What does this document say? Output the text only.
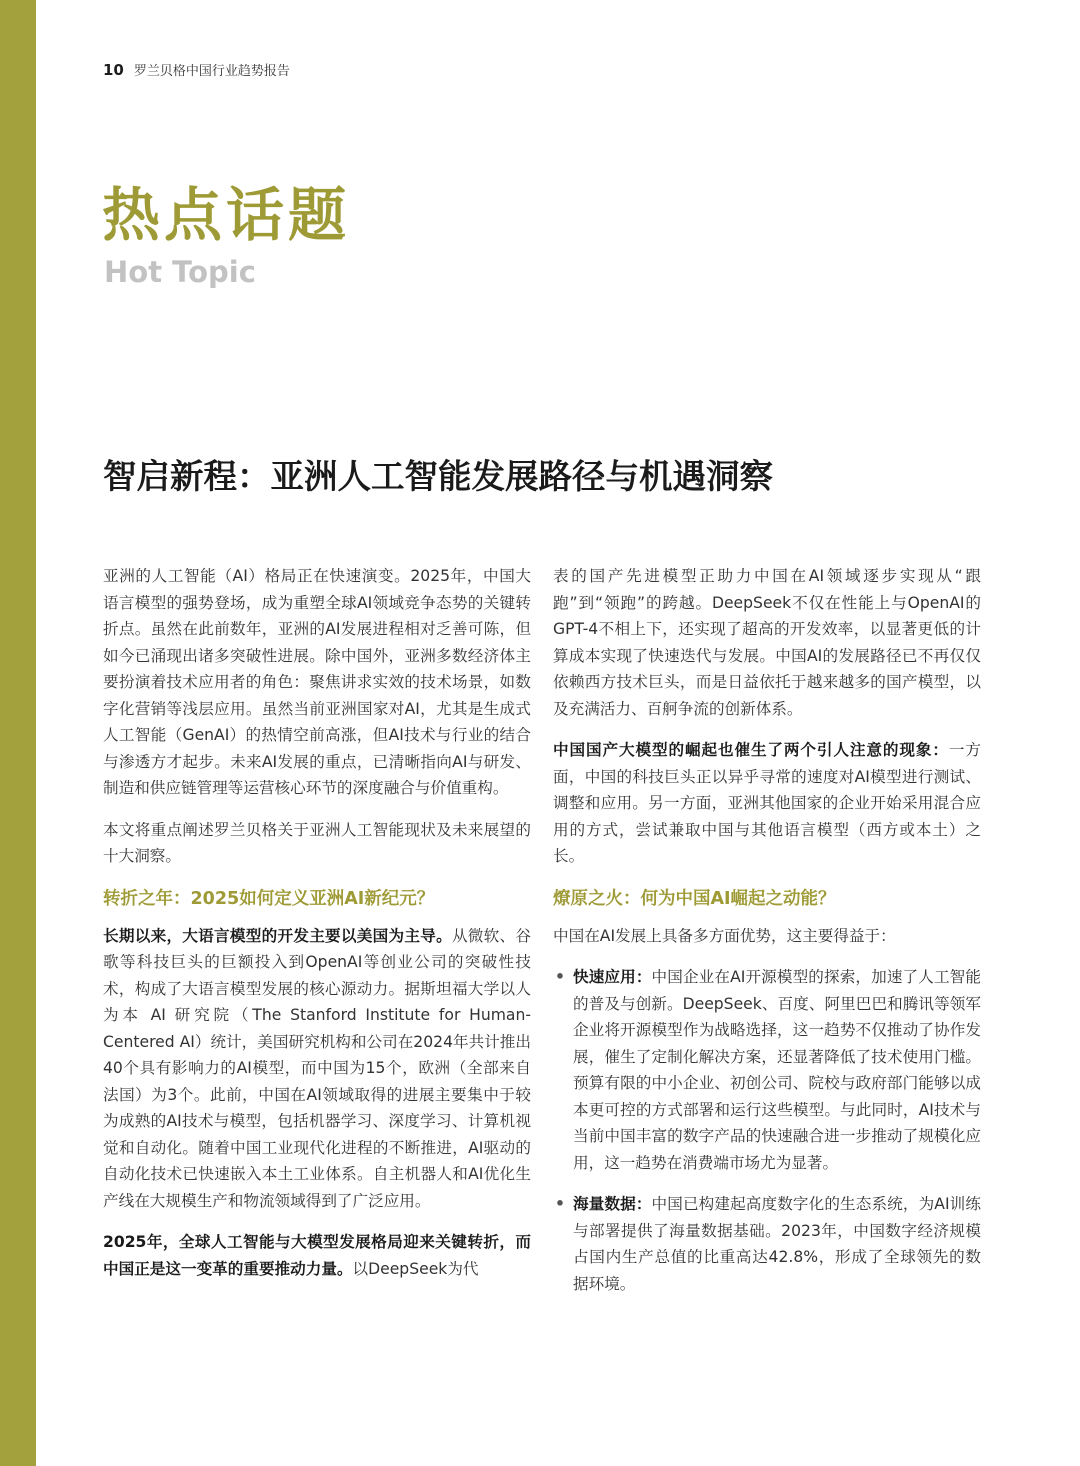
10 罗兰贝格中国行业趋势报告
热点话题
Hot Topic
智启新程：亚洲人工智能发展路径与机遇洞察

亚洲的人工智能（AI）格局正在快速演变。2025年，中国大语言模型的强势登场，成为重塑全球AI领域竞争态势的关键转折点。虽然在此前数年，亚洲的AI发展进程相对乏善可陈，但如今已涌现出诸多突破性进展。除中国外，亚洲多数经济体主要扮演着技术应用者的角色：聚焦讲求实效的技术场景，如数字化营销等浅层应用。虽然当前亚洲国家对AI，尤其是生成式人工智能（GenAI）的热情空前高涨，但AI技术与行业的结合与渗透方才起步。未来AI发展的重点，已清晰指向AI与研发、制造和供应链管理等运营核心环节的深度融合与价值重构。

本文将重点阐述罗兰贝格关于亚洲人工智能现状及未来展望的十大洞察。

转折之年：2025如何定义亚洲AI新纪元？

长期以来，大语言模型的开发主要以美国为主导。从微软、谷歌等科技巨头的巨额投入到OpenAI等创业公司的突破性技术，构成了大语言模型发展的核心源动力。据斯坦福大学以人为本 AI 研究院（The Stanford Institute for Human-Centered AI）统计，美国研究机构和公司在2024年共计推出40个具有影响力的AI模型，而中国为15个，欧洲（全部来自法国）为3个。此前，中国在AI领域取得的进展主要集中于较为成熟的AI技术与模型，包括机器学习、深度学习、计算机视觉和自动化。随着中国工业现代化进程的不断推进，AI驱动的自动化技术已快速嵌入本土工业体系。自主机器人和AI优化生产线在大规模生产和物流领域得到了广泛应用。

2025年，全球人工智能与大模型发展格局迎来关键转折，而中国正是这一变革的重要推动力量。以DeepSeek为代

表的国产先进模型正助力中国在AI领域逐步实现从“跟跑”到“领跑”的跨越。DeepSeek不仅在性能上与OpenAI的GPT-4不相上下，还实现了超高的开发效率，以显著更低的计算成本实现了快速迭代与发展。中国AI的发展路径已不再仅仅依赖西方技术巨头，而是日益依托于越来越多的国产模型，以及充满活力、百舸争流的创新体系。

中国国产大模型的崛起也催生了两个引人注意的现象：一方面，中国的科技巨头正以异乎寻常的速度对AI模型进行测试、调整和应用。另一方面，亚洲其他国家的企业开始采用混合应用的方式，尝试兼取中国与其他语言模型（西方或本土）之长。

燎原之火：何为中国AI崛起之动能？

中国在AI发展上具备多方面优势，这主要得益于：

• 快速应用：中国企业在AI开源模型的探索，加速了人工智能的普及与创新。DeepSeek、百度、阿里巴巴和腾讯等领军企业将开源模型作为战略选择，这一趋势不仅推动了协作发展，催生了定制化解决方案，还显著降低了技术使用门槛。预算有限的中小企业、初创公司、院校与政府部门能够以成本更可控的方式部署和运行这些模型。与此同时，AI技术与当前中国丰富的数字产品的快速融合进一步推动了规模化应用，这一趋势在消费端市场尤为显著。
• 海量数据：中国已构建起高度数字化的生态系统，为AI训练与部署提供了海量数据基础。2023年，中国数字经济规模占国内生产总值的比重高达42.8%，形成了全球领先的数据环境。
